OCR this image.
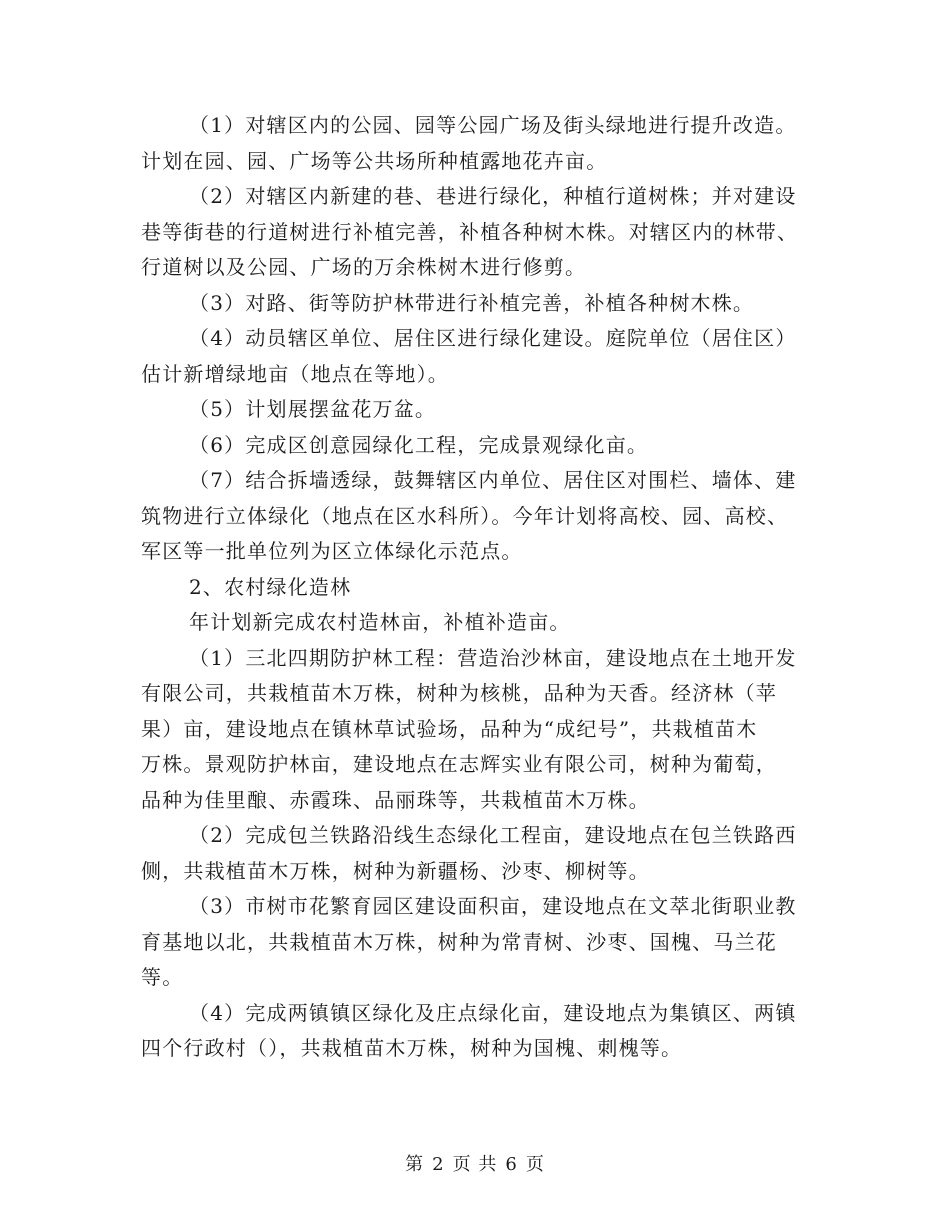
（1）对辖区内的公园、园等公园广场及街头绿地进行提升改造。
计划在园、园、广场等公共场所种植露地花卉亩。

（2）对辖区内新建的巷、巷进行绿化，种植行道树株；并对建设
巷等街巷的行道树进行补植完善，补植各种树木株。对辖区内的林带、
行道树以及公园、广场的万余株树木进行修剪。

（3）对路、街等防护林带进行补植完善，补植各种树木株。

（4）动员辖区单位、居住区进行绿化建设。庭院单位（居住区）
估计新增绿地亩（地点在等地）。

（5）计划展摆盆花万盆。

（6）完成区创意园绿化工程，完成景观绿化亩。

（7）结合拆墙透绿，鼓舞辖区内单位、居住区对围栏、墙体、建
筑物进行立体绿化（地点在区水科所）。今年计划将高校、园、高校、
军区等一批单位列为区立体绿化示范点。

2、农村绿化造林

年计划新完成农村造林亩，补植补造亩。

（1）三北四期防护林工程：营造治沙林亩，建设地点在土地开发
有限公司，共栽植苗木万株，树种为核桃，品种为天香。经济林（苹
果）亩，建设地点在镇林草试验场，品种为“成纪号”，共栽植苗木
万株。景观防护林亩，建设地点在志辉实业有限公司，树种为葡萄，
品种为佳里酿、赤霞珠、品丽珠等，共栽植苗木万株。

（2）完成包兰铁路沿线生态绿化工程亩，建设地点在包兰铁路西
侧，共栽植苗木万株，树种为新疆杨、沙枣、柳树等。

（3）市树市花繁育园区建设面积亩，建设地点在文萃北街职业教
育基地以北，共栽植苗木万株，树种为常青树、沙枣、国槐、马兰花
等。

（4）完成两镇镇区绿化及庄点绿化亩，建设地点为集镇区、两镇
四个行政村（），共栽植苗木万株，树种为国槐、刺槐等。

第 2 页 共 6 页
